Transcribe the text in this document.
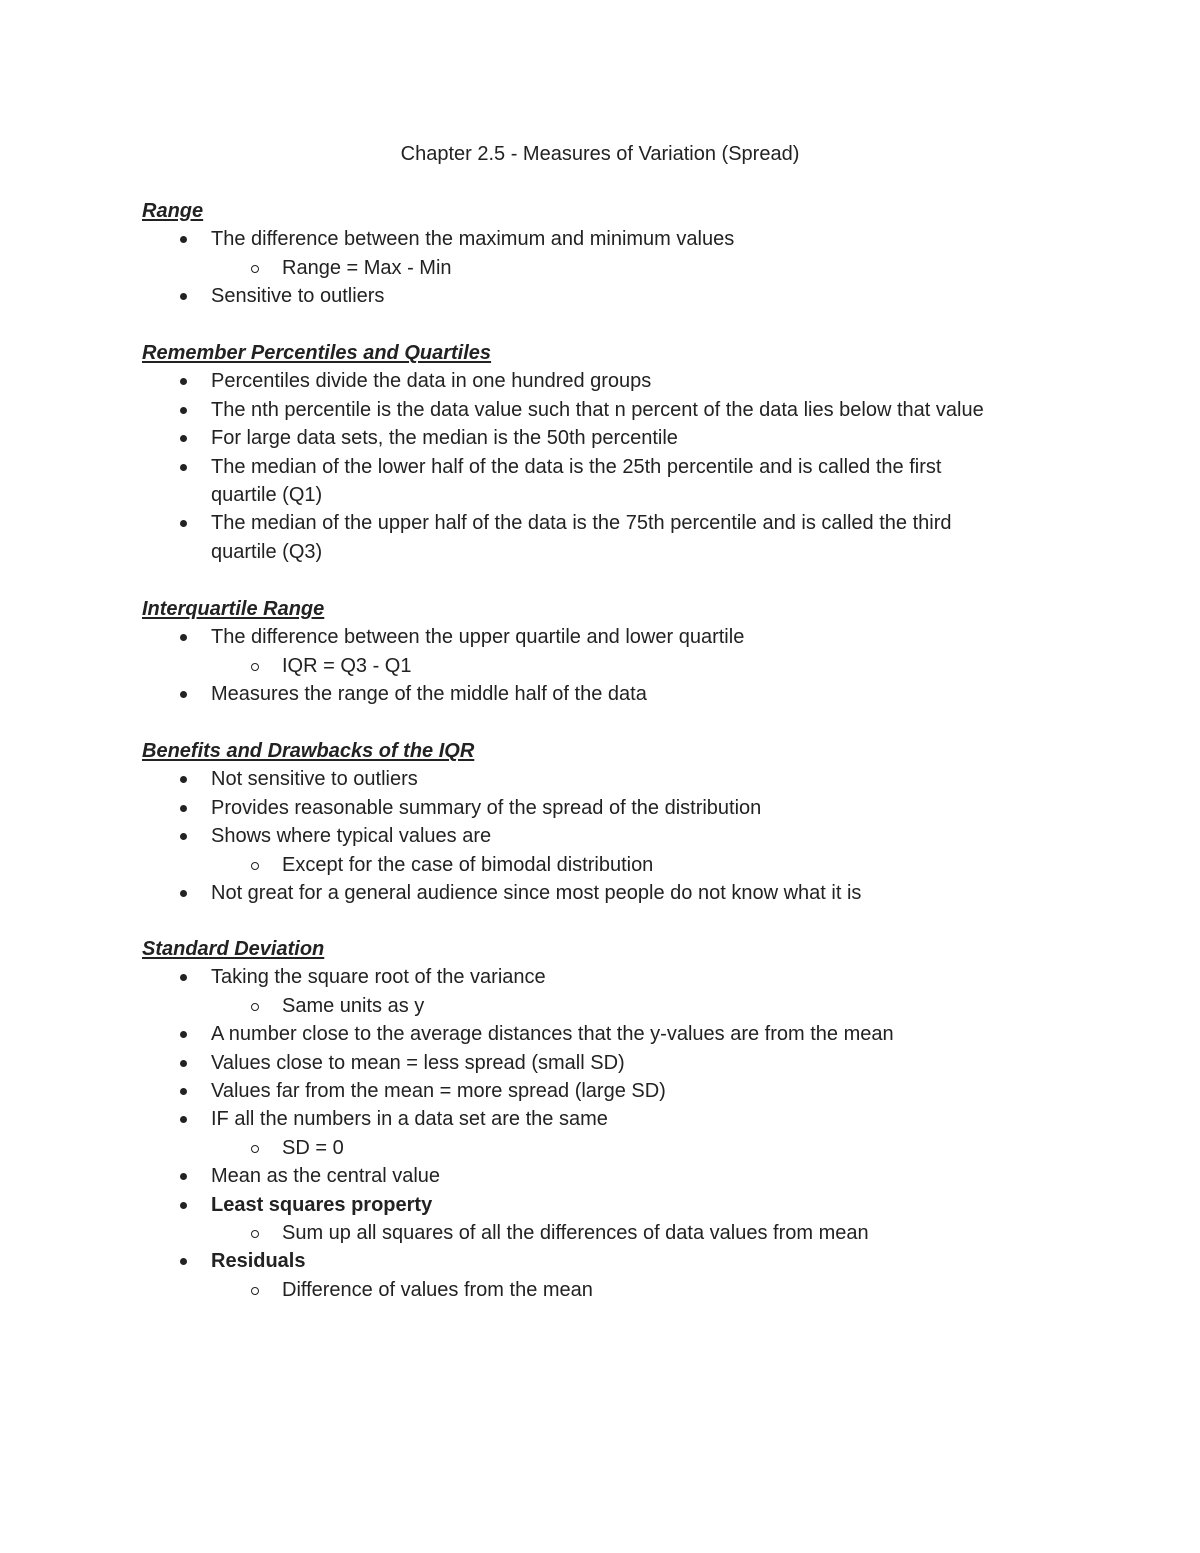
Chapter 2.5 - Measures of Variation (Spread)
Range
The difference between the maximum and minimum values
Range = Max - Min
Sensitive to outliers
Remember Percentiles and Quartiles
Percentiles divide the data in one hundred groups
The nth percentile is the data value such that n percent of the data lies below that value
For large data sets, the median is the 50th percentile
The median of the lower half of the data is the 25th percentile and is called the first
quartile (Q1)
The median of the upper half of the data is the 75th percentile and is called the third
quartile (Q3)
Interquartile Range
The difference between the upper quartile and lower quartile
IQR = Q3 - Q1
Measures the range of the middle half of the data
Benefits and Drawbacks of the IQR
Not sensitive to outliers
Provides reasonable summary of the spread of the distribution
Shows where typical values are
Except for the case of bimodal distribution
Not great for a general audience since most people do not know what it is
Standard Deviation
Taking the square root of the variance
Same units as y
A number close to the average distances that the y-values are from the mean
Values close to mean = less spread (small SD)
Values far from the mean = more spread (large SD)
IF all the numbers in a data set are the same
SD = 0
Mean as the central value
Least squares property
Sum up all squares of all the differences of data values from mean
Residuals
Difference of values from the mean
